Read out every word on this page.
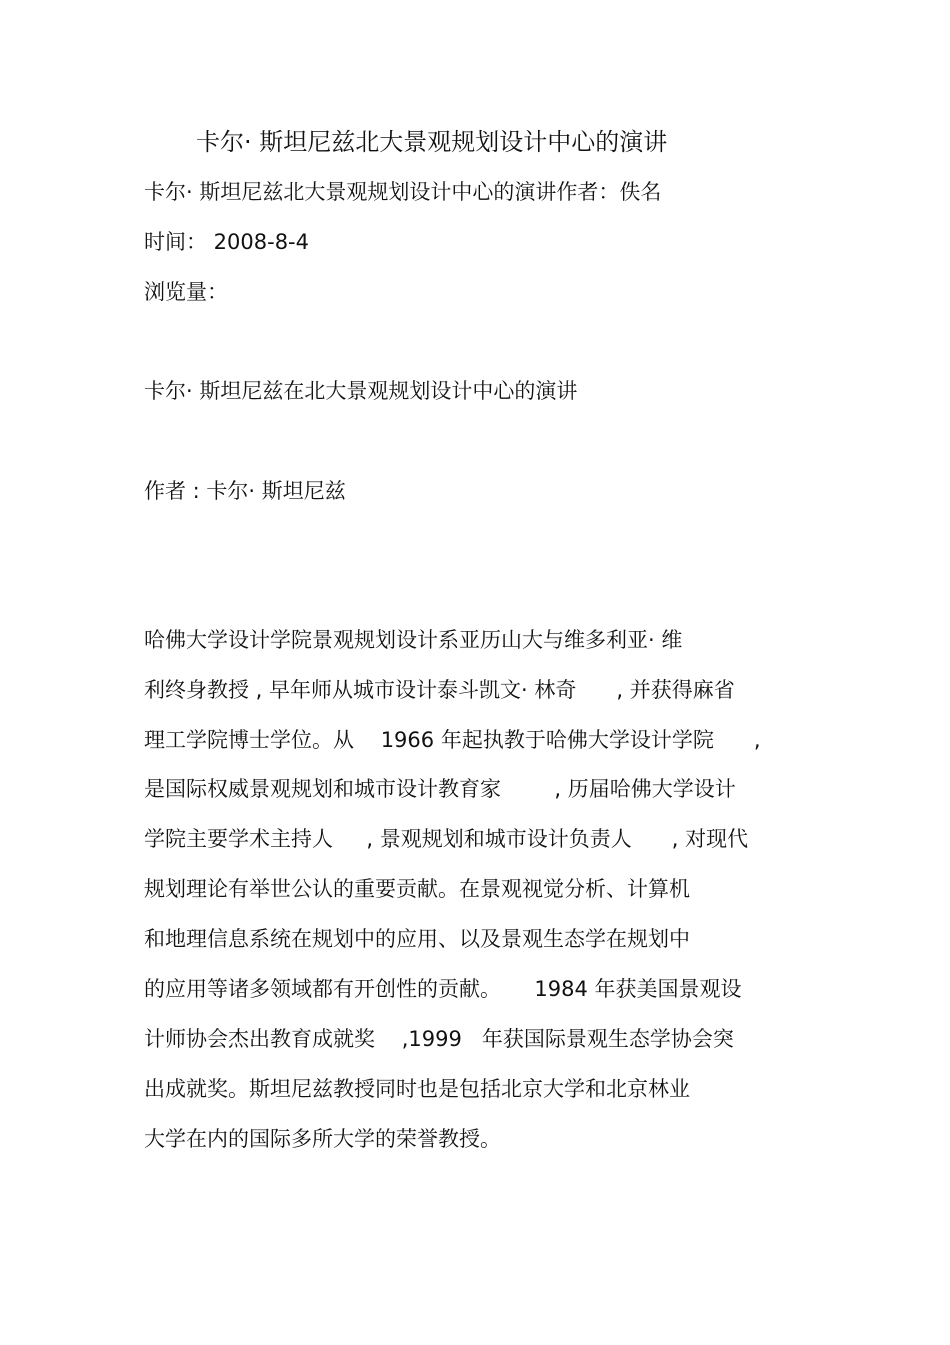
卡尔· 斯坦尼兹北大景观规划设计中心的演讲
卡尔· 斯坦尼兹北大景观规划设计中心的演讲作者：佚名
时间： 2008-8-4
浏览量：
卡尔· 斯坦尼兹在北大景观规划设计中心的演讲
作者 : 卡尔· 斯坦尼兹
哈佛大学设计学院景观规划设计系亚历山大与维多利亚· 维
利终身教授 , 早年师从城市设计泰斗凯文· 林奇      , 并获得麻省
理工学院博士学位。从    1966 年起执教于哈佛大学设计学院      ,
是国际权威景观规划和城市设计教育家        , 历届哈佛大学设计
学院主要学术主持人     , 景观规划和城市设计负责人      , 对现代
规划理论有举世公认的重要贡献。在景观视觉分析、计算机
和地理信息系统在规划中的应用、以及景观生态学在规划中
的应用等诸多领域都有开创性的贡献。     1984 年获美国景观设
计师协会杰出教育成就奖    ,1999   年获国际景观生态学协会突
出成就奖。斯坦尼兹教授同时也是包括北京大学和北京林业
大学在内的国际多所大学的荣誉教授。
